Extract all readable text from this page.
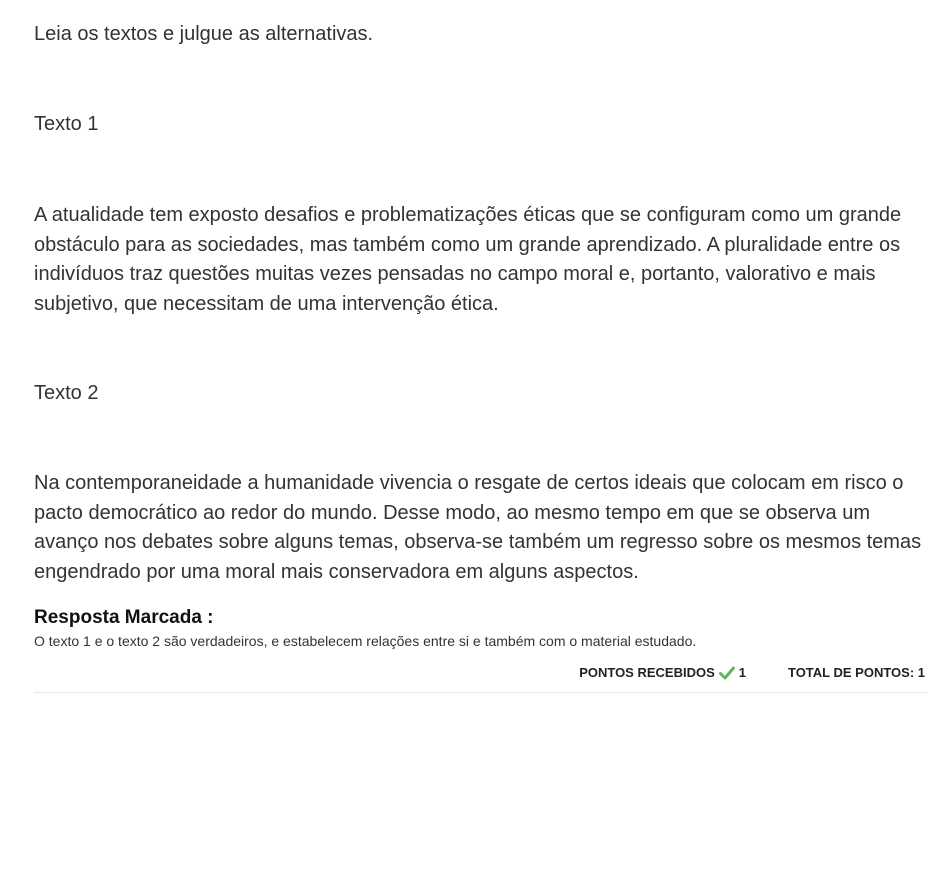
Leia os textos e julgue as alternativas.

Texto 1

A atualidade tem exposto desafios e problematizações éticas que se configuram como um grande obstáculo para as sociedades, mas também como um grande aprendizado. A pluralidade entre os indivíduos traz questões muitas vezes pensadas no campo moral e, portanto, valorativo e mais subjetivo, que necessitam de uma intervenção ética.

Texto 2

Na contemporaneidade a humanidade vivencia o resgate de certos ideais que colocam em risco o pacto democrático ao redor do mundo. Desse modo, ao mesmo tempo em que se observa um avanço nos debates sobre alguns temas, observa-se também um regresso sobre os mesmos temas engendrado por uma moral mais conservadora em alguns aspectos.

Resposta Marcada :
O texto 1 e o texto 2 são verdadeiros, e estabelecem relações entre si e também com o material estudado.
PONTOS RECEBIDOS 1	TOTAL DE PONTOS: 1
